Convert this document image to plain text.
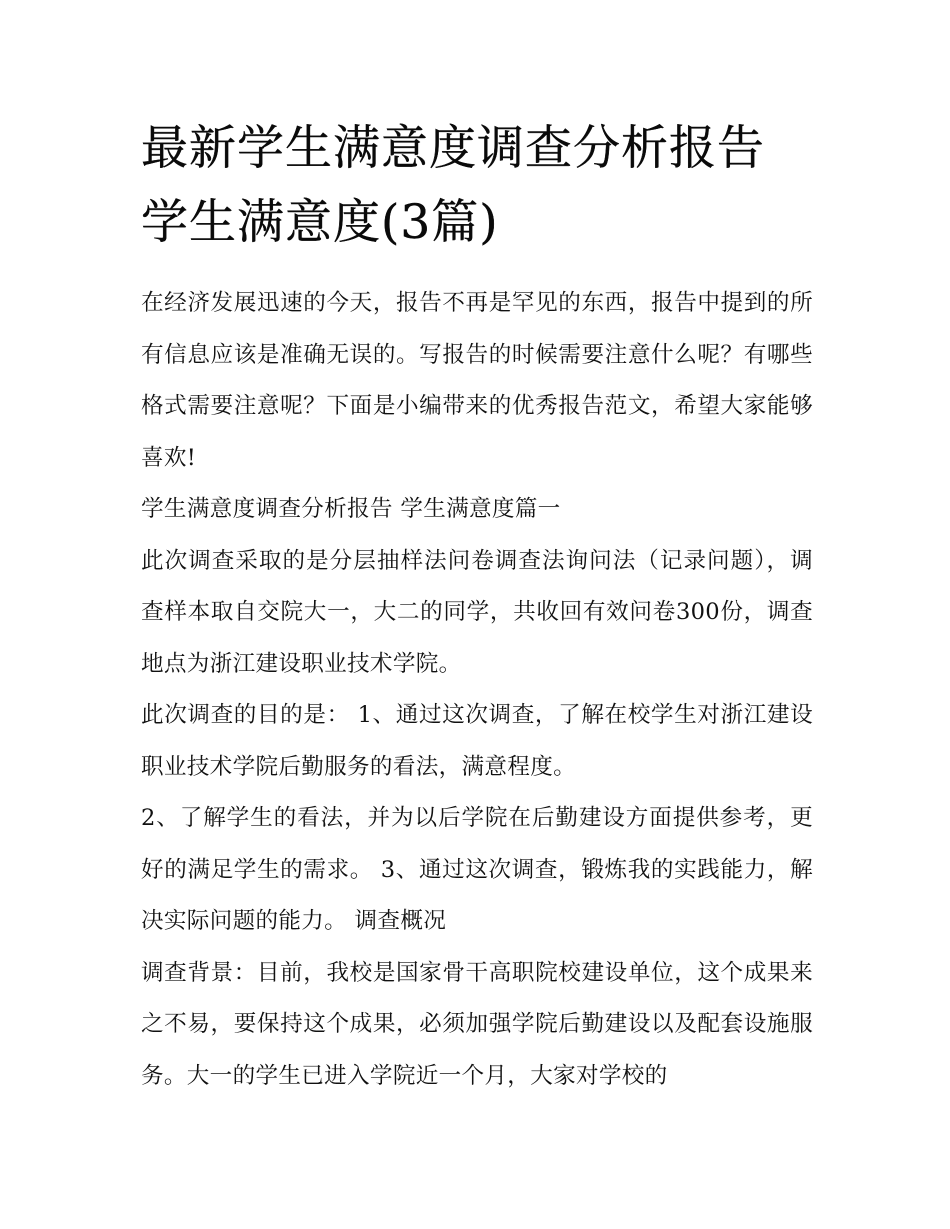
最新学生满意度调查分析报告
学生满意度(3篇)

在经济发展迅速的今天，报告不再是罕见的东西，报告中提到的所有信息应该是准确无误的。写报告的时候需要注意什么呢？有哪些格式需要注意呢？下面是小编带来的优秀报告范文，希望大家能够喜欢!

学生满意度调查分析报告 学生满意度篇一

此次调查采取的是分层抽样法问卷调查法询问法（记录问题），调查样本取自交院大一，大二的同学，共收回有效问卷300份，调查地点为浙江建设职业技术学院。

此次调查的目的是： 1、通过这次调查，了解在校学生对浙江建设职业技术学院后勤服务的看法，满意程度。

2、了解学生的看法，并为以后学院在后勤建设方面提供参考，更好的满足学生的需求。 3、通过这次调查，锻炼我的实践能力，解决实际问题的能力。 调查概况

调查背景：目前，我校是国家骨干高职院校建设单位，这个成果来之不易，要保持这个成果，必须加强学院后勤建设以及配套设施服务。大一的学生已进入学院近一个月，大家对学校的
